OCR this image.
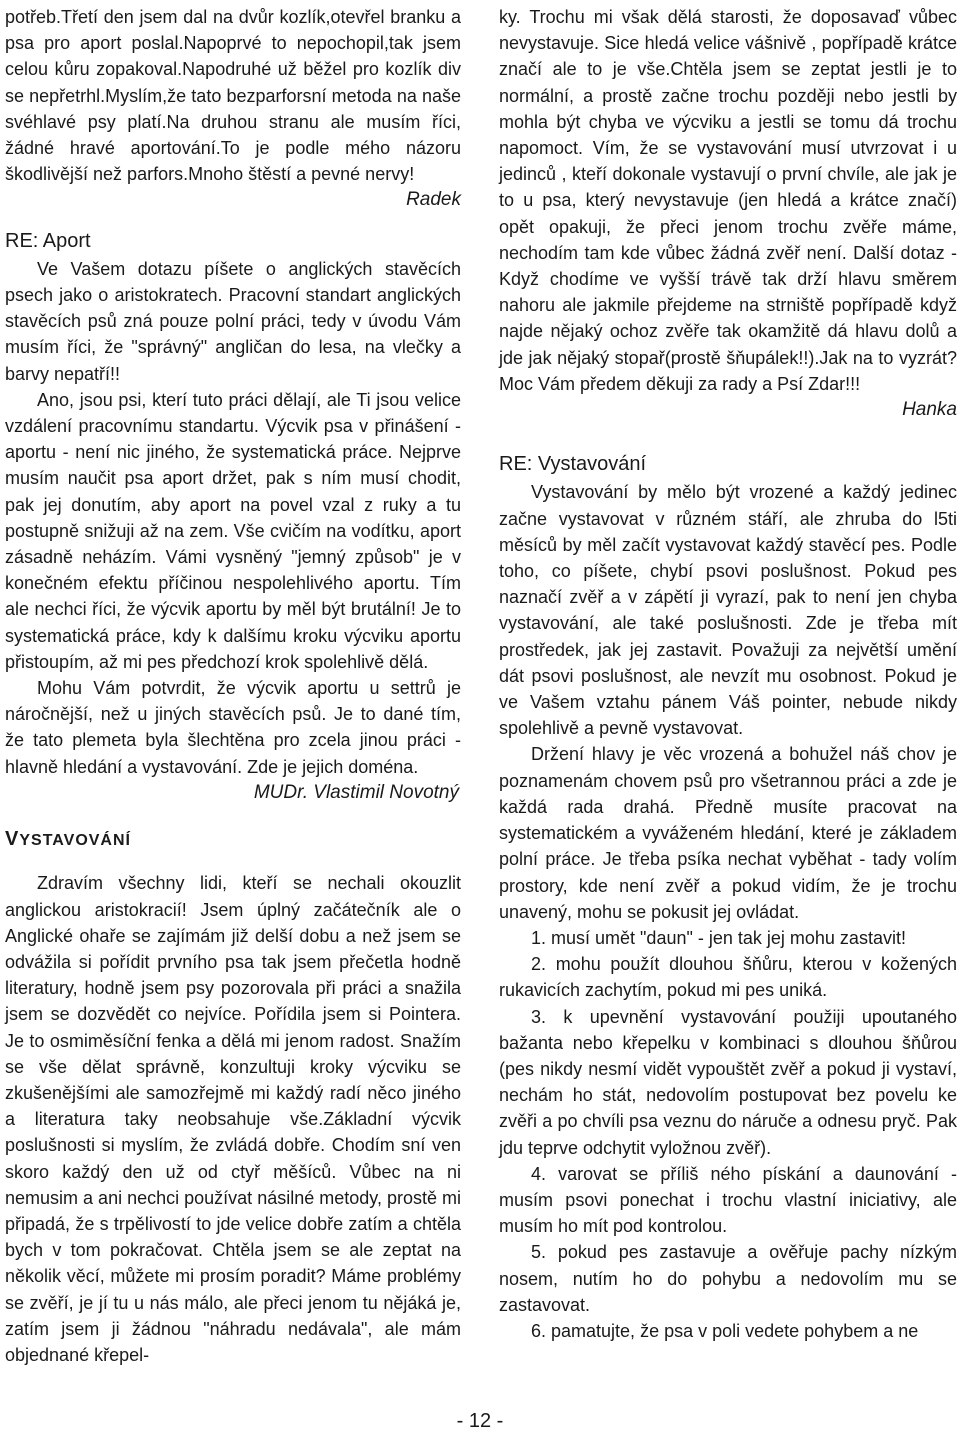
potřeb.Třetí den jsem dal na dvůr kozlík,otevřel branku a psa pro aport poslal.Napoprvé to nepochopil,tak jsem celou kůru zopakoval.Napodruhé už běžel pro kozlík div se nepřetrhl.Myslím,že tato bezparforsní metoda na naše svéhlavé psy platí.Na druhou stranu ale musím říci, žádné hravé aportování.To je podle mého názoru škodlivější než parfors.Mnoho štěstí a pevné nervy!

Radek

RE: Aport

Ve Vašem dotazu píšete o anglických stavěcích psech jako o aristokratech. Pracovní standart anglických stavěcích psů zná pouze polní práci, tedy v úvodu Vám musím říci, že "správný" angličan do lesa, na vlečky a barvy nepatří!!

Ano, jsou psi, kterí tuto práci dělají, ale Ti jsou velice vzdálení pracovnímu standartu. Výcvik psa v přinášení - aportu - není nic jiného, že systematická práce. Nejprve musím naučit psa aport držet, pak s ním musí chodit, pak jej donutím, aby aport na povel vzal z ruky a tu postupně snižuji až na zem. Vše cvičím na vodítku, aport zásadně neházím. Vámi vysněný "jemný způsob" je v konečném efektu příčinou nespolehlivého aportu. Tím ale nechci říci, že výcvik aportu by měl být brutální! Je to systematická práce, kdy k dalšímu kroku výcviku aportu přistoupím, až mi pes předchozí krok spolehlivě dělá.

Mohu Vám potvrdit, že výcvik aportu u settrů je náročnější, než u jiných stavěcích psů. Je to dané tím, že tato plemeta byla šlechtěna pro zcela jinou práci - hlavně hledání a vystavování. Zde je jejich doména.

MUDr. Vlastimil Novotný

VYSTAVOVÁNÍ

Zdravím všechny lidi, kteří se nechali okouzlit anglickou aristokracií! Jsem úplný začátečník ale o Anglické ohaře se zajímám již delší dobu a než jsem se odvážila si pořídit prvního psa tak jsem přečetla hodně literatury, hodně jsem psy pozorovala při práci a snažila jsem se dozvědět co nejvíce. Pořídila jsem si Pointera. Je to osmiměsíční fenka a dělá mi jenom radost. Snažím se vše dělat správně, konzultuji kroky výcviku se zkušenějšími ale samozřejmě mi každý radí něco jiného a literatura taky neobsahuje vše.Základní výcvik poslušnosti si myslím, že zvládá dobře. Chodím sní ven skoro každý den už od ctyř měšíců. Vůbec na ni nemusim a ani nechci používat násilné metody, prostě mi připadá, že s trpělivostí to jde velice dobře zatím a chtěla bych v tom pokračovat. Chtěla jsem se ale zeptat na několik věcí, můžete mi prosím poradit? Máme problémy se zvěří, je jí tu u nás málo, ale přeci jenom tu nějáká je, zatím jsem ji žádnou "náhradu nedávala", ale mám objednané křepel-

ky. Trochu mi však dělá starosti, že doposavaď vůbec nevystavuje. Sice hledá velice vášnivě , popřípadě krátce značí ale to je vše.Chtěla jsem se zeptat jestli je to normální, a prostě začne trochu později nebo jestli by mohla být chyba ve výcviku a jestli se tomu dá trochu napomoct. Vím, že se vystavování musí utvrzovat i u jedinců , kteří dokonale vystavují o první chvíle, ale jak je to u psa, který nevystavuje (jen hledá a krátce značí) opět opakuji, že přeci jenom trochu zvěře máme, nechodím tam kde vůbec žádná zvěř není. Další dotaz - Když chodíme ve vyšší trávě tak drží hlavu směrem nahoru ale jakmile přejdeme na strniště popřípadě když najde nějaký ochoz zvěře tak okamžitě dá hlavu dolů a jde jak nějaký stopař(prostě šňupálek!!).Jak na to vyzrát? Moc Vám předem děkuji za rady a Psí Zdar!!!

Hanka

RE: Vystavování

Vystavování by mělo být vrozené a každý jedinec začne vystavovat v různém stáří, ale zhruba do l5ti měsíců by měl začít vystavovat každý stavěcí pes. Podle toho, co píšete, chybí psovi poslušnost. Pokud pes naznačí zvěř a v zápětí ji vyrazí, pak to není jen chyba vystavování, ale také poslušnosti. Zde je třeba mít prostředek, jak jej zastavit. Považuji za největší umění dát psovi poslušnost, ale nevzít mu osobnost. Pokud je ve Vašem vztahu pánem Váš pointer, nebude nikdy spolehlivě a pevně vystavovat.

Držení hlavy je věc vrozená a bohužel náš chov je poznamenám chovem psů pro všetrannou práci a zde je každá rada drahá. Předně musíte pracovat na systematickém a vyváženém hledání, které je základem polní práce. Je třeba psíka nechat vyběhat - tady volím prostory, kde není zvěř a pokud vidím, že je trochu unavený, mohu se pokusit jej ovládat.

1. musí umět "daun" - jen tak jej mohu zastavit!

2. mohu použít dlouhou šňůru, kterou v kožených rukavicích zachytím, pokud mi pes uniká.

3. k upevnění vystavování použiji upoutaného bažanta nebo křepelku v kombinaci s dlouhou šňůrou (pes nikdy nesmí vidět vypouštět zvěř a pokud ji vystaví, nechám ho stát, nedovolím postupovat bez povelu ke zvěři a po chvíli psa veznu do náruče a odnesu pryč. Pak jdu teprve odchytit vyložnou zvěř).

4. varovat se příliš ného pískání a daunování - musím psovi ponechat i trochu vlastní iniciativy, ale musím ho mít pod kontrolou.

5. pokud pes zastavuje a ověřuje pachy nízkým nosem, nutím ho do pohybu a nedovolím mu se zastavovat.

6. pamatujte, že psa v poli vedete pohybem a ne

- 12 -
